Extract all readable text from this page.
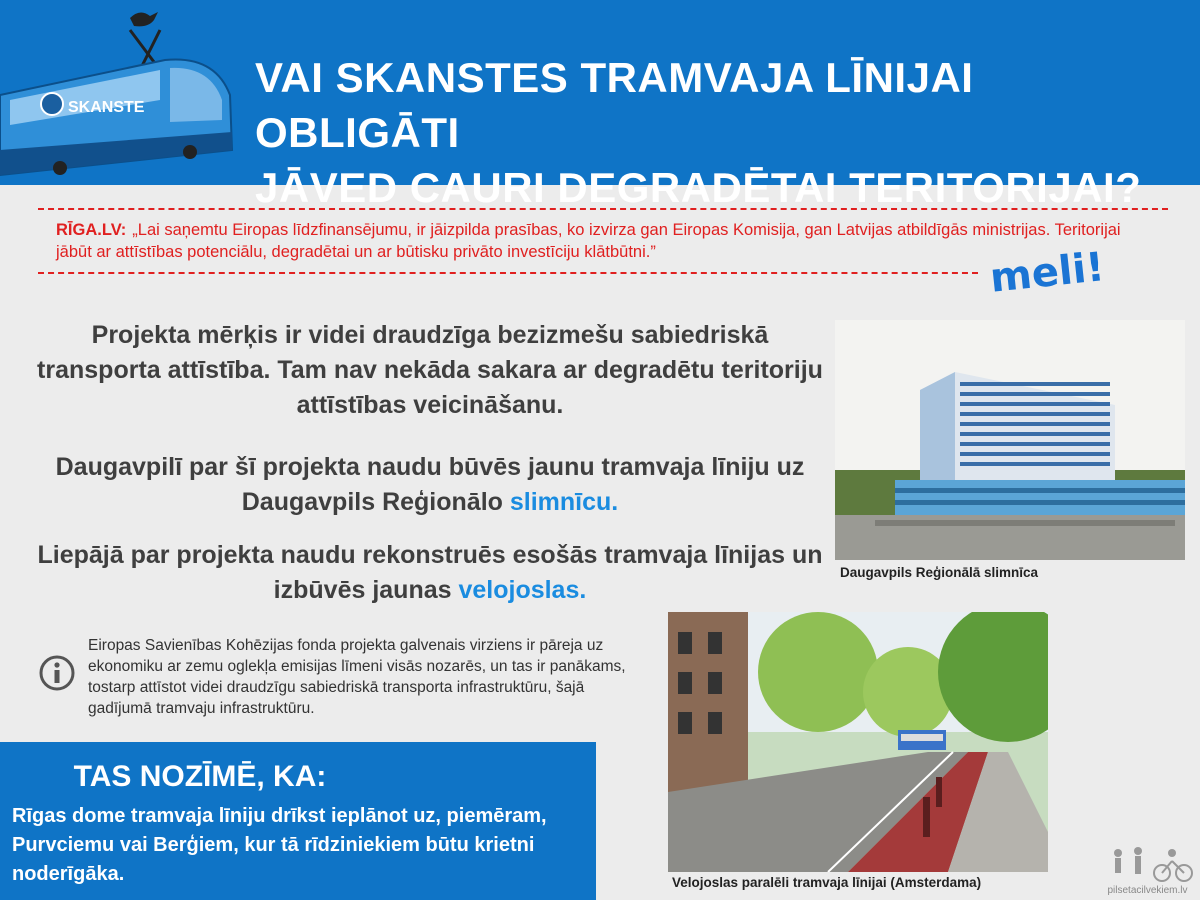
SKANSTE
VAI SKANSTES TRAMVAJA LĪNIJAI OBLIGĀTI
JĀVED CAURI DEGRADĒTAI TERITORIJAI?
RĪGA.LV: „Lai saņemtu Eiropas līdzfinansējumu, ir jāizpilda prasības, ko izvirza gan Eiropas Komisija, gan Latvijas atbildīgās ministrijas. Teritorijai jābūt ar attīstības potenciālu, degradētai un ar būtisku privāto investīciju klātbūtni.”	meli!
Projekta mērķis ir videi draudzīga bezizmešu sabiedriskā transporta attīstība. Tam nav nekāda sakara ar degradētu teritoriju attīstības veicināšanu.
Daugavpilī par šī projekta naudu būvēs jaunu tramvaja līniju uz Daugavpils Reģionālo slimnīcu.
Liepājā par projekta naudu rekonstruēs esošās tramvaja līnijas un izbūvēs jaunas velojoslas.
Daugavpils Reģionālā slimnīca
Velojoslas paralēli tramvaja līnijai (Amsterdama)
Eiropas Savienības Kohēzijas fonda projekta galvenais virziens ir pāreja uz ekonomiku ar zemu oglekļa emisijas līmeni visās nozarēs, un tas ir panākams, tostarp attīstot videi draudzīgu sabiedriskā transporta infrastruktūru, šajā gadījumā tramvaju infrastruktūru.
TAS NOZĪMĒ, KA:
Rīgas dome tramvaja līniju drīkst ieplānot uz, piemēram, Purvciemu vai Berģiem, kur tā rīdziniekiem būtu krietni noderīgāka.
pilsetacilvekiem.lv
